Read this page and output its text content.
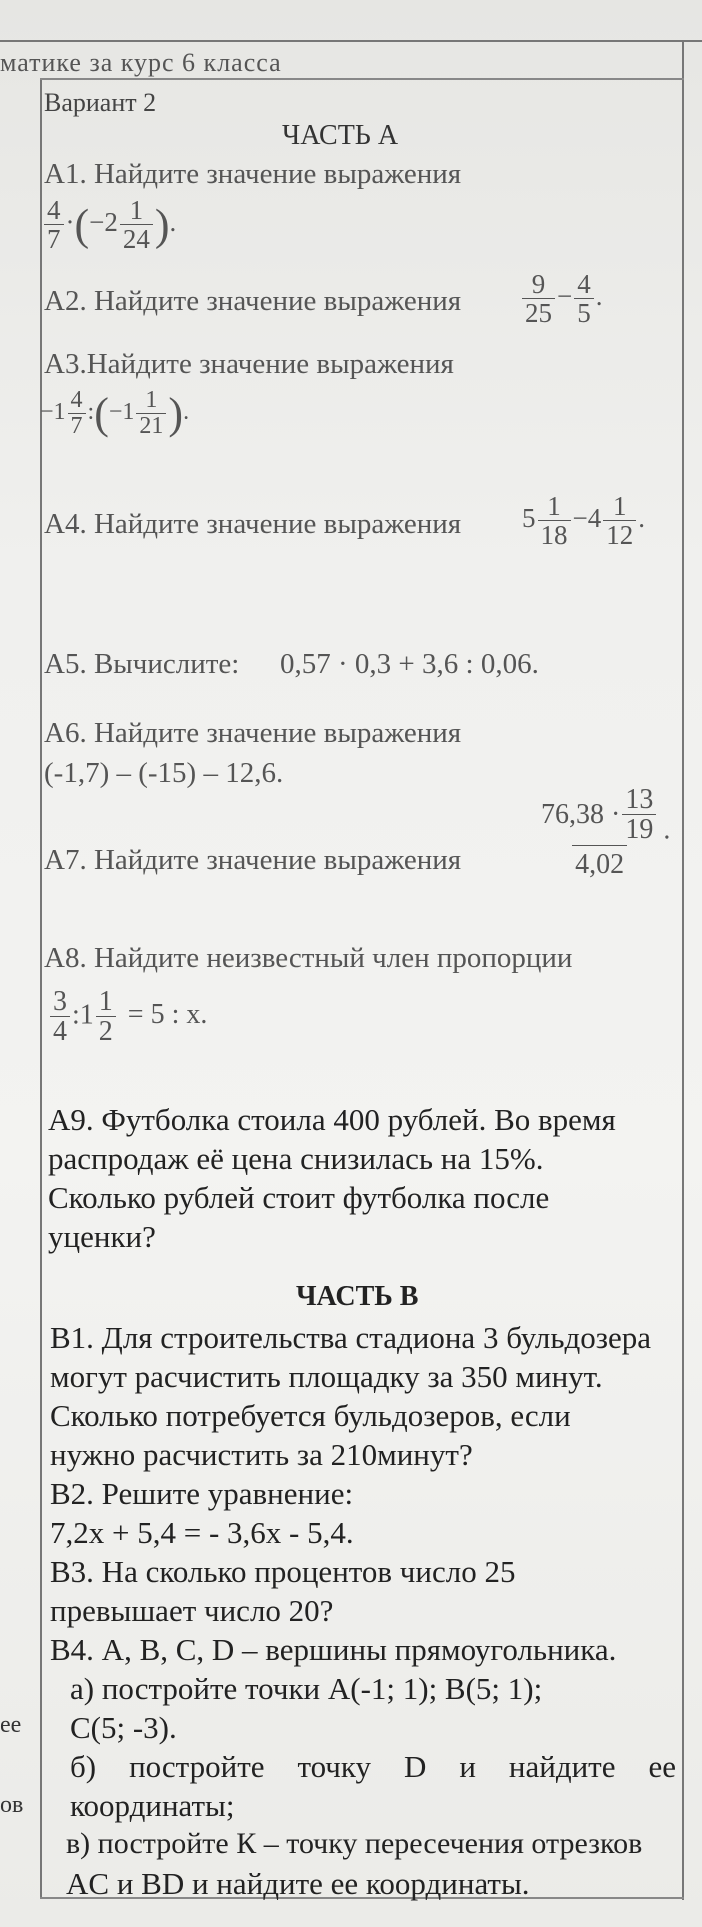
матике за курс 6 класса
Вариант 2
ЧАСТЬ А
А1. Найдите значение выражения
$\frac{4}{7} \cdot(-2 \frac{1}{24}$ ).
А2. Найдите значение выражения $\frac{9}{25} - \frac{4}{5}$ .
А3.Найдите значение выражения
$-1 \frac{4}{7}$ :(−1 $\frac{1}{21}$ ).
А4. Найдите значение выражения $5 \frac{1}{18} -4 \frac{1}{12}$ .
А5. Вычислите: 0,57 · 0,3 + 3,6 : 0,06.
А6. Найдите значение выражения
(-1,7) – (-15) – 12,6.
А7. Найдите значение выражения	$\frac{76,38 \cdot \frac{13}{19}}{4,02}$ .
А8. Найдите неизвестный член пропорции
$\frac{3}{4}$ :1 $\frac{1}{2} = 5$ : x.
А9. Футболка стоила 400 рублей. Во время
распродаж её цена снизилась на 15%.
Сколько рублей стоит футболка после
уценки?
ЧАСТЬ В
В1. Для строительства стадиона 3 бульдозера
могут расчистить площадку за 350 минут.
Сколько потребуется бульдозеров, если
нужно расчистить за 210минут?
В2. Решите уравнение:
7,2x + 5,4 = - 3,6x - 5,4.
В3. На сколько процентов число 25
превышает число 20?
В4. A, B, C, D – вершины прямоугольника.
а) постройте точки A(-1; 1); B(5; 1);
C(5; -3).
б) постройте точку D и найдите ее
координаты;
в) постройте К – точку пересечения отрезков
AC и BD и найдите ее координаты.
ее
ов
